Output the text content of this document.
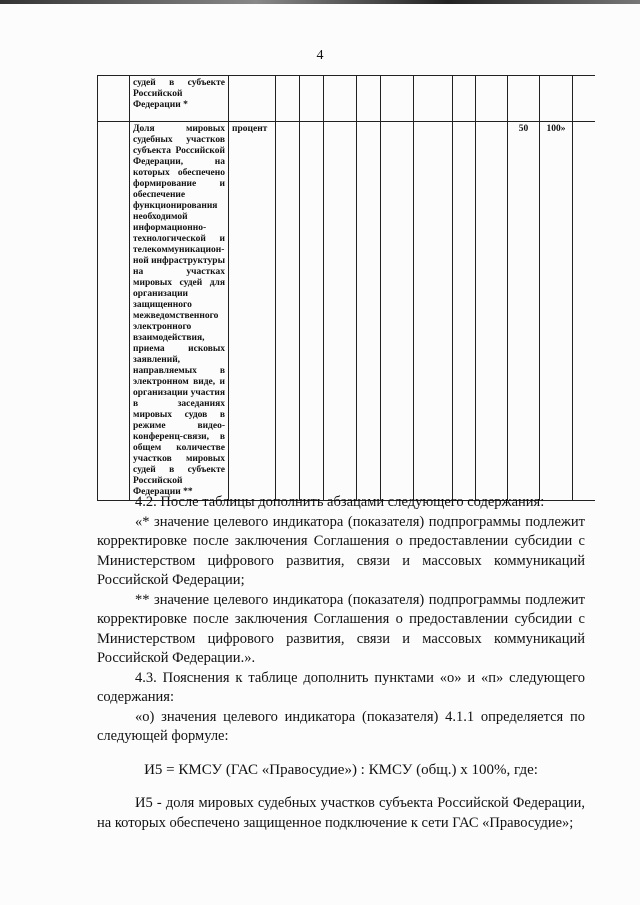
4
	судей в субъекте Российской Федерации *												
	Доля мировых судебных участков субъекта Российской Федерации, на которых обеспечено формирование и обеспечение функционирования необходимой информационно-технологической и телекоммуникацион-ной инфраструктуры на участках мировых судей для организации защищенного межведомственного электронного взаимодействия, приема исковых заявлений, направляемых в электронном виде, и организации участия в заседаниях мировых судов в режиме видео-конференц-связи, в общем количестве участков мировых судей в субъекте Российской Федерации **	процент									50	100»	

4.2. После таблицы дополнить абзацами следующего содержания:

«* значение целевого индикатора (показателя) подпрограммы подлежит корректировке после заключения Соглашения о предоставлении субсидии с Министерством цифрового развития, связи и массовых коммуникаций Российской Федерации;

** значение целевого индикатора (показателя) подпрограммы подлежит корректировке после заключения Соглашения о предоставлении субсидии с Министерством цифрового развития, связи и массовых коммуникаций Российской Федерации.».

4.3. Пояснения к таблице дополнить пунктами «о» и «п» следующего содержания:

«о) значения целевого индикатора (показателя) 4.1.1 определяется по следующей формуле:

И5 = КМСУ (ГАС «Правосудие») : КМСУ (общ.) х 100%, где:

И5 - доля мировых судебных участков субъекта Российской Федерации, на которых обеспечено защищенное подключение к сети ГАС «Правосудие»;
